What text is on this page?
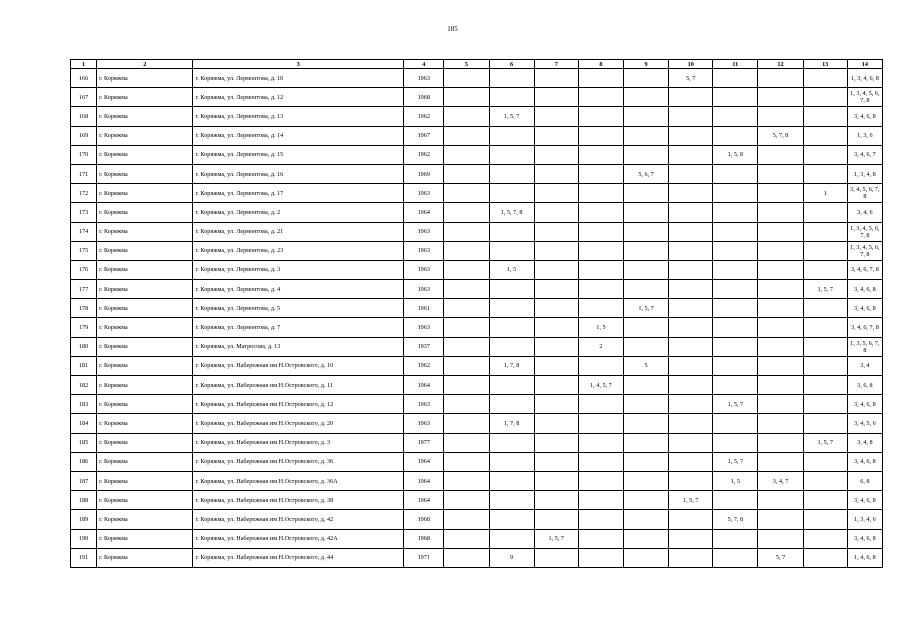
185
1	2	3	4	5	6	7	8	9	10	11	12	13	14
166	г. Коряжма	г. Коряжма, ул. Лермонтова, д. 10	1963						5, 7				1, 3, 4, 6, 8
167	г. Коряжма	г. Коряжма, ул. Лермонтова, д. 12	1968										1, 3, 4, 5, 6, 7, 8
168	г. Коряжма	г. Коряжма, ул. Лермонтова, д. 13	1962		1, 5, 7								3, 4, 6, 8
169	г. Коряжма	г. Коряжма, ул. Лермонтова, д. 14	1967								5, 7, 8		1, 3, 6
170	г. Коряжма	г. Коряжма, ул. Лермонтова, д. 15	1962							1, 5, 8			3, 4, 6, 7
171	г. Коряжма	г. Коряжма, ул. Лермонтова, д. 16	1969					5, 6, 7					1, 3, 4, 8
172	г. Коряжма	г. Коряжма, ул. Лермонтова, д. 17	1963									1	3, 4, 5, 6, 7, 8
173	г. Коряжма	г. Коряжма, ул. Лермонтова, д. 2	1964		1, 5, 7, 8								3, 4, 6
174	г. Коряжма	г. Коряжма, ул. Лермонтова, д. 21	1963										1, 3, 4, 5, 6, 7, 8
175	г. Коряжма	г. Коряжма, ул. Лермонтова, д. 23	1963										1, 3, 4, 5, 6, 7, 8
176	г. Коряжма	г. Коряжма, ул. Лермонтова, д. 3	1963		1, 5								3, 4, 6, 7, 8
177	г. Коряжма	г. Коряжма, ул. Лермонтова, д. 4	1963									1, 5, 7	3, 4, 6, 8
178	г. Коряжма	г. Коряжма, ул. Лермонтова, д. 5	1961					1, 5, 7					3, 4, 6, 8
179	г. Коряжма	г. Коряжма, ул. Лермонтова, д. 7	1963				1, 5						3, 4, 6, 7, 8
180	г. Коряжма	г. Коряжма, ул. Матросова, д. 13	1937				2						1, 3, 5, 6, 7, 8
181	г. Коряжма	г. Коряжма, ул. Набережная им Н.Островского, д. 10	1962		1, 7, 8			5					3, 4
182	г. Коряжма	г. Коряжма, ул. Набережная им Н.Островского, д. 11	1964				1, 4, 5, 7						3, 6, 8
183	г. Коряжма	г. Коряжма, ул. Набережная им Н.Островского, д. 12	1963							1, 5, 7			3, 4, 6, 8
184	г. Коряжма	г. Коряжма, ул. Набережная им Н.Островского, д. 20	1963		1, 7, 8								3, 4, 5, 6
185	г. Коряжма	г. Коряжма, ул. Набережная им Н.Островского, д. 3	1977									1, 5, 7	3, 4, 8
186	г. Коряжма	г. Коряжма, ул. Набережная им Н.Островского, д. 36	1964							1, 5, 7			3, 4, 6, 8
187	г. Коряжма	г. Коряжма, ул. Набережная им Н.Островского, д. 36А	1964							1, 5	3, 4, 7		6, 8
188	г. Коряжма	г. Коряжма, ул. Набережная им Н.Островского, д. 38	1964						1, 5, 7				3, 4, 6, 8
189	г. Коряжма	г. Коряжма, ул. Набережная им Н.Островского, д. 42	1968							5, 7, 8			1, 3, 4, 6
190	г. Коряжма	г. Коряжма, ул. Набережная им Н.Островского, д. 42А	1968			1, 5, 7							3, 4, 6, 8
191	г. Коряжма	г. Коряжма, ул. Набережная им Н.Островского, д. 44	1971		9						5, 7		1, 4, 6, 8
